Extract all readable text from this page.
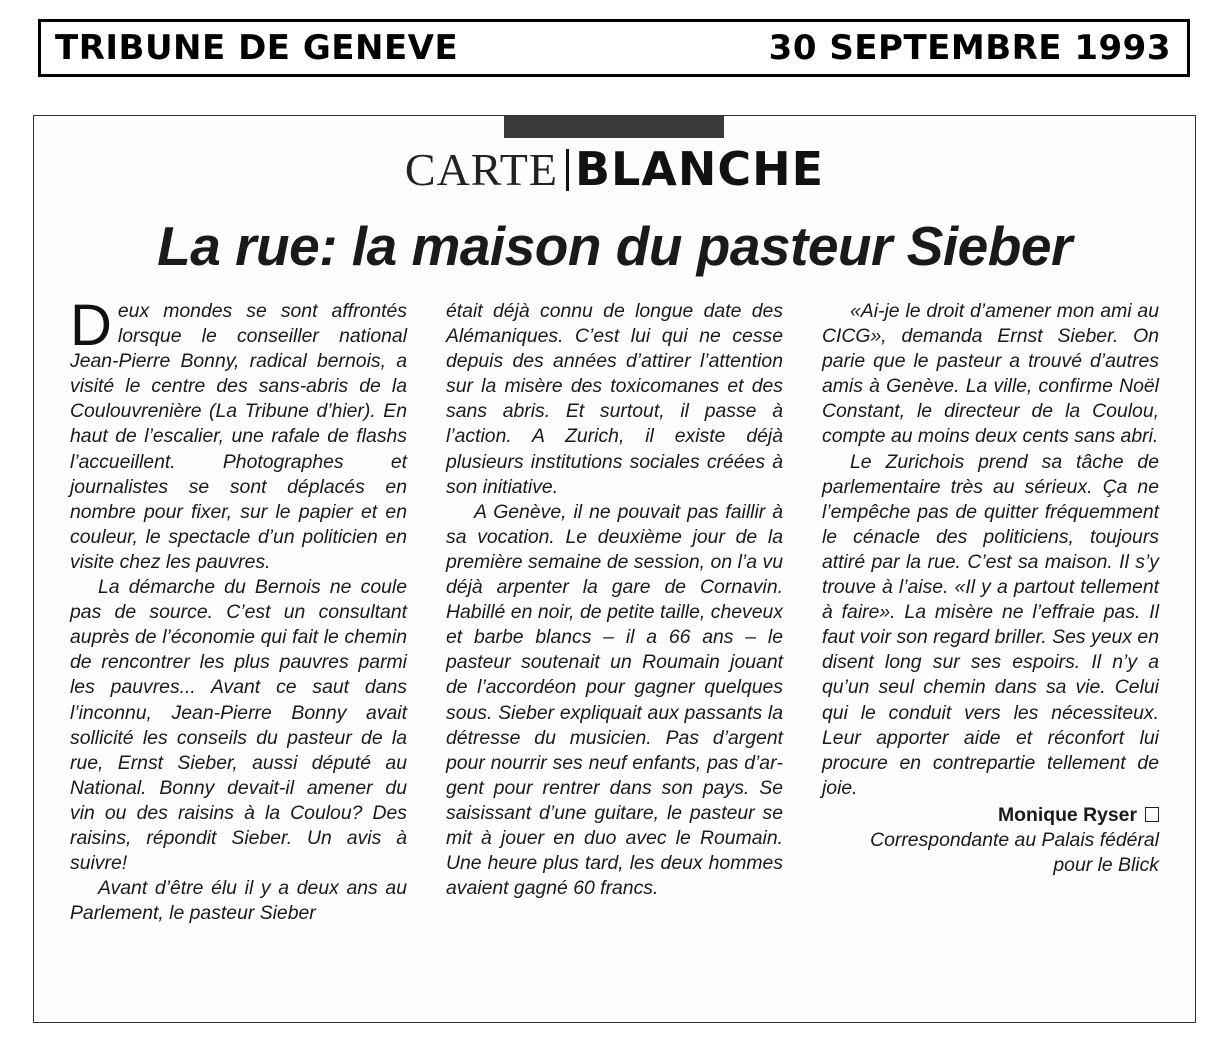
TRIBUNE DE GENEVE	30 SEPTEMBRE 1993
CARTE BLANCHE
La rue: la maison du pasteur Sieber

Deux mondes se sont affrontés lorsque le conseiller national Jean-Pierre Bonny, radical bernois, a visité le centre des sans-abris de la Coulouvrenière (La Tribune d’hier). En haut de l’escalier, une rafale de flashs l’accueillent. Photographes et journalistes se sont déplacés en nombre pour fixer, sur le papier et en couleur, le spectacle d’un politicien en visite chez les pauvres.

La démarche du Bernois ne coule pas de source. C’est un consultant auprès de l’économie qui fait le chemin de rencontrer les plus pauvres parmi les pauvres... Avant ce saut dans l’inconnu, Jean-Pierre Bonny avait sollicité les conseils du pasteur de la rue, Ernst Sieber, aussi député au National. Bonny devait-il amener du vin ou des raisins à la Coulou? Des raisins, répondit Sieber. Un avis à suivre!

Avant d’être élu il y a deux ans au Parlement, le pasteur Sieber

était déjà connu de longue date des Alémaniques. C’est lui qui ne cesse depuis des années d’attirer l’attention sur la misère des toxicomanes et des sans abris. Et surtout, il passe à l’action. A Zurich, il existe déjà plusieurs institutions sociales créées à son initiative.

A Genève, il ne pouvait pas faillir à sa vocation. Le deuxième jour de la première semaine de session, on l’a vu déjà arpenter la gare de Cornavin. Habillé en noir, de petite taille, cheveux et barbe blancs – il a 66 ans – le pasteur soutenait un Roumain jouant de l’accordéon pour gagner quelques sous. Sieber expliquait aux passants la détresse du musicien. Pas d’argent pour nourrir ses neuf enfants, pas d’argent pour rentrer dans son pays. Se saisissant d’une guitare, le pasteur se mit à jouer en duo avec le Roumain. Une heure plus tard, les deux hommes avaient gagné 60 francs.

«Ai-je le droit d’amener mon ami au CICG», demanda Ernst Sieber. On parie que le pasteur a trouvé d’autres amis à Genève. La ville, confirme Noël Constant, le directeur de la Coulou, compte au moins deux cents sans abri.

Le Zurichois prend sa tâche de parlementaire très au sérieux. Ça ne l’empêche pas de quitter fréquemment le cénacle des politiciens, toujours attiré par la rue. C’est sa maison. Il s’y trouve à l’aise. «Il y a partout tellement à faire». La misère ne l’effraie pas. Il faut voir son regard briller. Ses yeux en disent long sur ses espoirs. Il n’y a qu’un seul chemin dans sa vie. Celui qui le conduit vers les nécessiteux. Leur apporter aide et réconfort lui procure en contrepartie tellement de joie.

Monique Ryser
Correspondante au Palais fédéral
pour le Blick
